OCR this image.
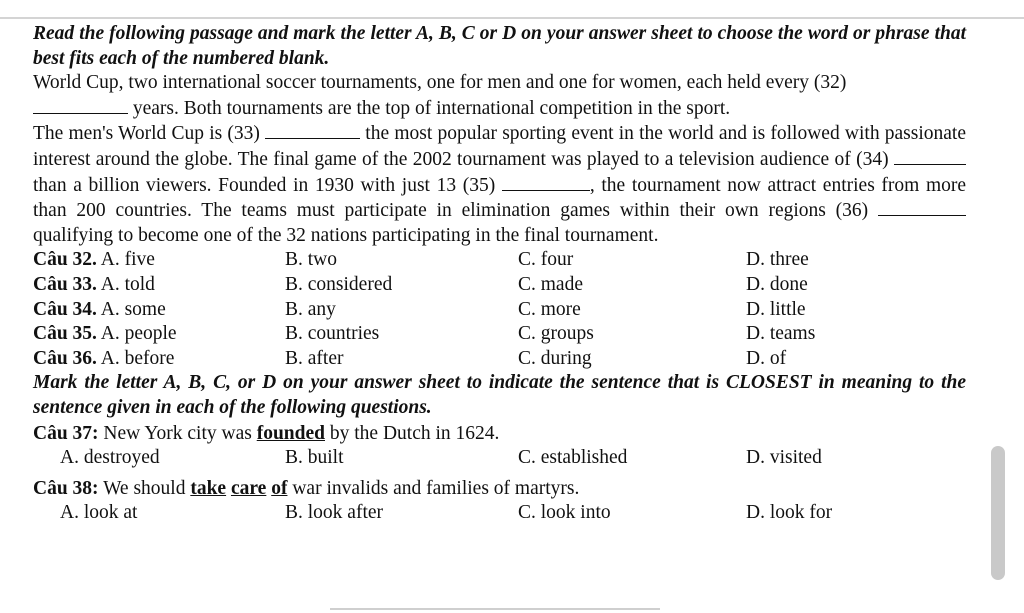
Read the following passage and mark the letter A, B, C or D on your answer sheet to choose the word or phrase that best fits each of the numbered blank.
World Cup, two international soccer tournaments, one for men and one for women, each held every (32)
years. Both tournaments are the top of international competition in the sport.
The men's World Cup is (33)	the most popular sporting event in the world and is followed with passionate interest around the globe. The final game of the 2002 tournament was played to a television audience of (34)  than a billion viewers. Founded in 1930 with just 13 (35)	, the tournament now attract entries from more than 200 countries. The teams must participate in elimination games within their own regions (36)  qualifying to become one of the 32 nations participating in the final tournament.
Câu 32. A. five	B. two	C. four	D. three
Câu 33. A. told	B. considered	C. made	D. done
Câu 34. A. some	B. any	C. more	D. little
Câu 35. A. people	B. countries	C. groups	D. teams
Câu 36. A. before	B. after	C. during	D. of
Mark the letter A, B, C, or D on your answer sheet to indicate the sentence that is CLOSEST in meaning to the sentence given in each of the following questions.
Câu 37: New York city was founded by the Dutch in 1624.
A. destroyed	B. built	C. established	D. visited
Câu 38: We should take care of war invalids and families of martyrs.
A. look at	B. look after	C. look into	D. look for
